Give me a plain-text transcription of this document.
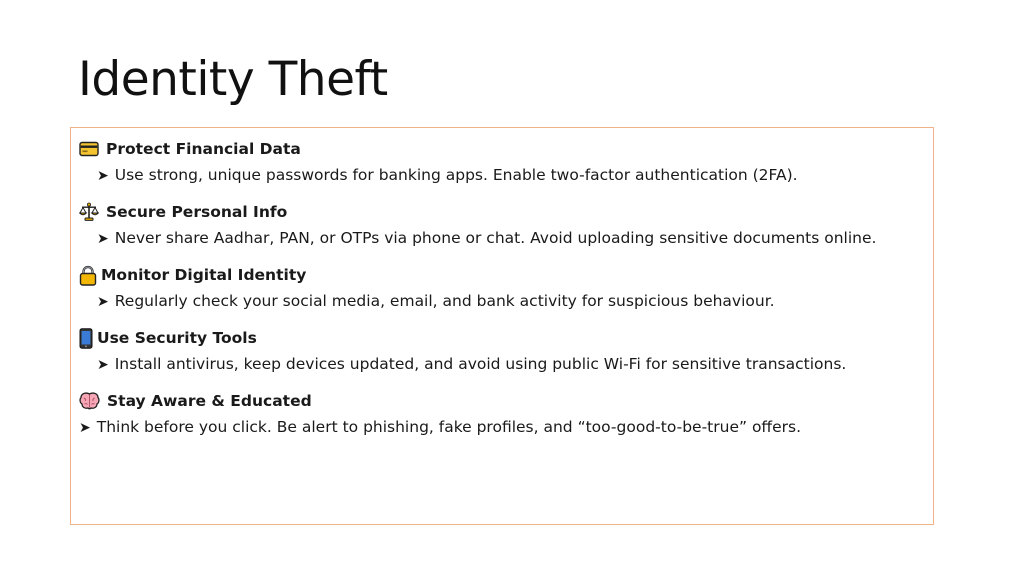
Identity Theft
Protect Financial Data
➤ Use strong, unique passwords for banking apps. Enable two-factor authentication (2FA).
Secure Personal Info
➤ Never share Aadhar, PAN, or OTPs via phone or chat. Avoid uploading sensitive documents online.
Monitor Digital Identity
➤ Regularly check your social media, email, and bank activity for suspicious behaviour.
Use Security Tools
➤ Install antivirus, keep devices updated, and avoid using public Wi-Fi for sensitive transactions.
Stay Aware & Educated
➤ Think before you click. Be alert to phishing, fake profiles, and “too-good-to-be-true” offers.
